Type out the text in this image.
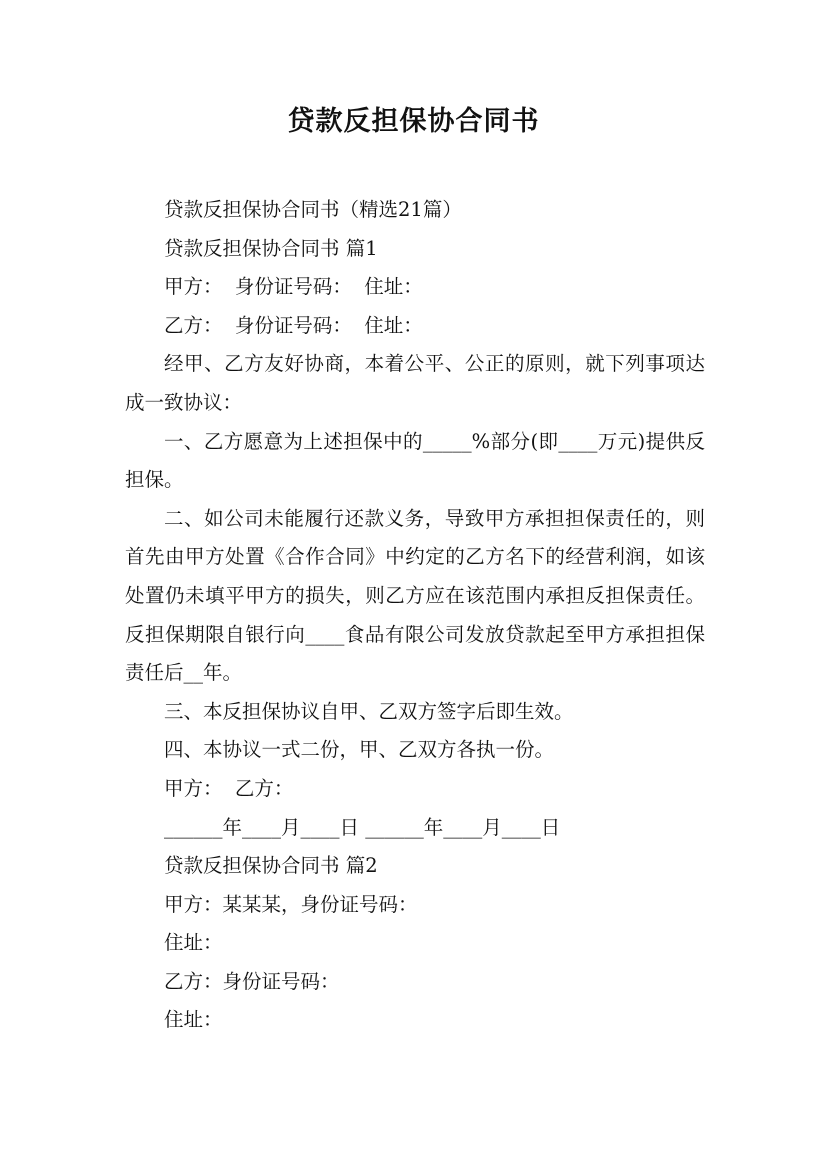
贷款反担保协合同书

贷款反担保协合同书（精选21篇）

贷款反担保协合同书 篇1

甲方：  身份证号码：  住址：

乙方：  身份证号码：  住址：

经甲、乙方友好协商，本着公平、公正的原则，就下列事项达成一致协议：

一、乙方愿意为上述担保中的_____%部分(即____万元)提供反担保。

二、如公司未能履行还款义务，导致甲方承担担保责任的，则首先由甲方处置《合作合同》中约定的乙方名下的经营利润，如该处置仍未填平甲方的损失，则乙方应在该范围内承担反担保责任。反担保期限自银行向____食品有限公司发放贷款起至甲方承担担保责任后__年。

三、本反担保协议自甲、乙双方签字后即生效。

四、本协议一式二份，甲、乙双方各执一份。

甲方：  乙方：

______年____月____日 ______年____月____日

贷款反担保协合同书 篇2

甲方：某某某，身份证号码：

住址：

乙方：身份证号码：

住址：
